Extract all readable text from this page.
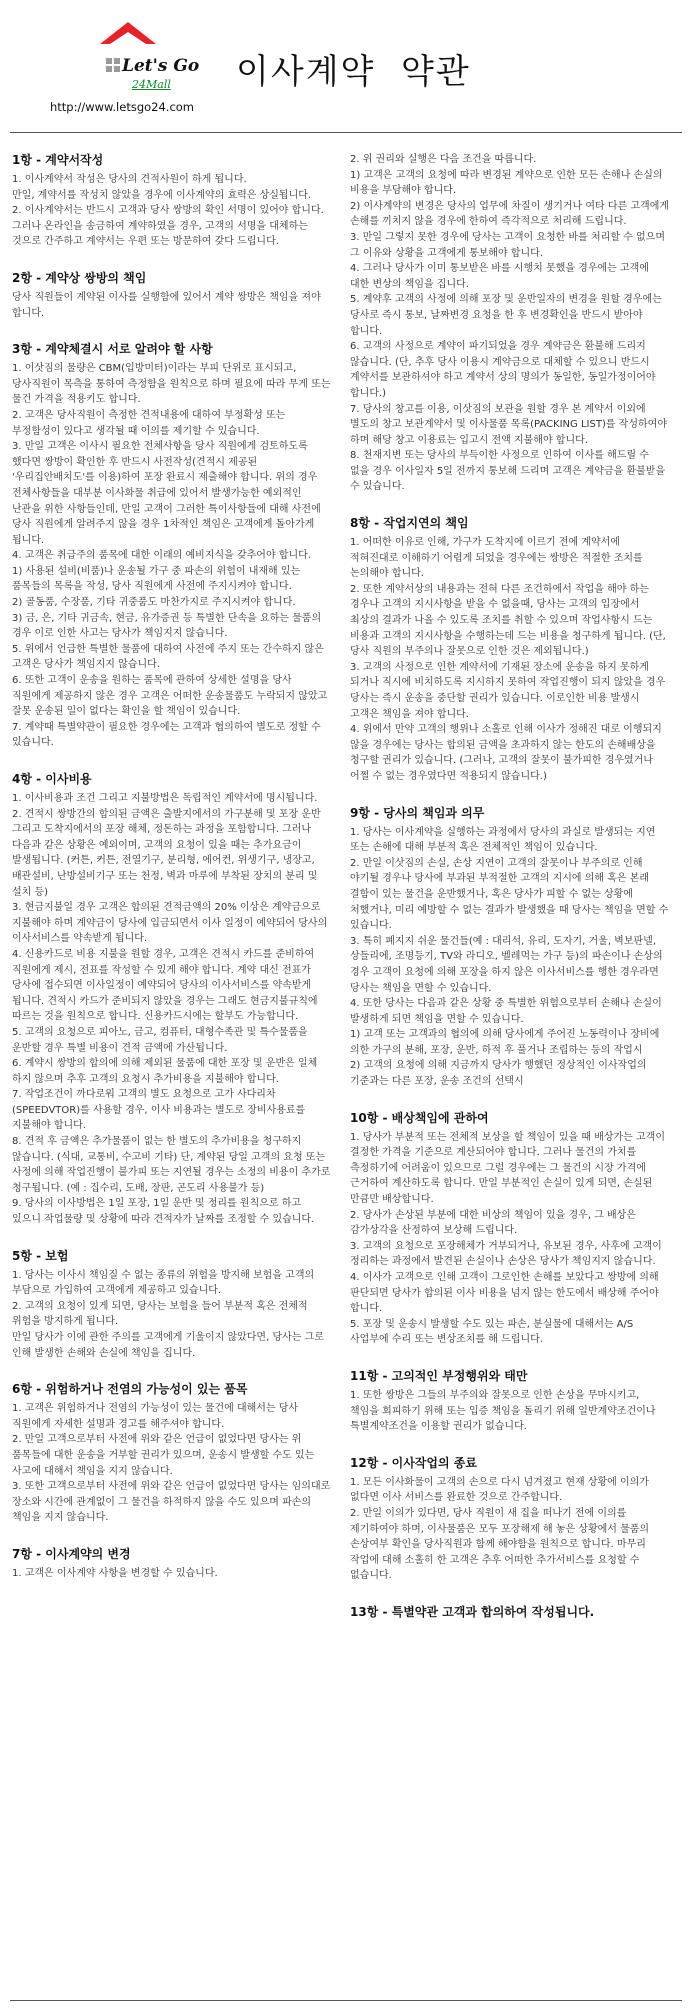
Let's Go
24Mall
http://www.letsgo24.com
이사계약  약관
1항 - 계약서작성

1. 이사계약서 작성은 당사의 견적사원이 하게 됩니다.

만일, 계약서를 작성치 않았을 경우에 이사계약의 효력은 상실됩니다.

2. 이사계약서는 반드시 고객과 당사 쌍방의 확인 서명이 있어야 합니다.

그러나 온라인을 송금하여 계약하였을 경우, 고객의 서명을 대체하는 것으로 간주하고 계약서는 우편 또는 방문하여 갖다 드립니다.

2항 - 계약상 쌍방의 책임

당사 직원들이 계약된 이사를 실행함에 있어서 계약 쌍방은 책임을 져야 합니다.

3항 - 계약체결시 서로 알려야 할 사항

1. 이삿짐의 물량은 CBM(입방미터)이라는 부피 단위로 표시되고, 당사직원이 목측을 통하여 측정함을 원칙으로 하며 필요에 따라 무게 또는 물건 가격을 적용키도 합니다.

2. 고객은 당사직원이 측정한 견적내용에 대하여 부정확성 또는 부정함성이 있다고 생각될 때 이의를 제기할 수 있습니다.

3. 만일 고객은 이사시 필요한 전체사항을 당사 직원에게 검토하도록 했다면 쌍방이 확인한 후 반드시 사전작성(견적시 제공된 '우리집안배치도'를 이용)하여 포장 완료시 제출해야 합니다. 위의 경우 전체사항들을 대부분 이사화물 취급에 있어서 발생가능한 예외적인 난관을 위한 사항들인데, 만일 고객이 그러한 특이사항들에 대해 사전에 당사 직원에게 알려주지 않을 경우 1차적인 책임은 고객에게 돌아가게 됩니다.

4. 고객은 취급주의 품목에 대한 이래의 예비지식을 갖추어야 합니다.

1) 사용된 설비(비품)나 운송될 가구 중 파손의 위험이 내재해 있는 품목들의 목록을 작성, 당사 직원에게 사전에 주지시켜야 합니다.

2) 골동품, 수장품, 기타 귀중품도 마찬가지로 주지시켜야 합니다.

3) 금, 은, 기타 귀금속, 현금, 유가증권 등 특별한 단속을 요하는 물품의 경우 이로 인한 사고는 당사가 책임지지 않습니다.

5. 위에서 언급한 특별한 물품에 대하여 사전에 주지 또는 간수하지 않은 고객은 당사가 책임지지 않습니다.

6. 또한 고객이 운송을 원하는 품목에 관하여 상세한 설명을 당사 직원에게 제공하지 않은 경우 고객은 어떠한 운송물품도 누락되지 않았고 잘못 운송된 일이 없다는 확인을 할 책임이 있습니다.

7. 계약때 특별약관이 필요한 경우에는 고객과 협의하여 별도로 정할 수 있습니다.

4항 - 이사비용

1. 이사비용과 조건 그리고 지불방법은 독립적인 계약서에 명시됩니다.

2. 견적시 쌍방간의 합의된 금액은 출발지에서의 가구분해 및 포장 운반 그리고 도착지에서의 포장 해체, 정돈하는 과정을 포함합니다. 그러나 다음과 같은 상황은 예외이며, 고객의 요청이 있을 때는 추가요금이 발생됩니다. (커튼, 커튼, 전열기구, 분리형, 에어컨, 위생기구, 냉장고, 배관설비, 난방설비기구 또는 천정, 벽과 마루에 부착된 장치의 분리 및 설치 등)

3. 현금지불일 경우 고객은 합의된 견적금액의 20% 이상은 계약금으로 지불해야 하며 계약금이 당사에 입금되면서 이사 일정이 예약되어 당사의 이사서비스를 약속받게 됩니다.

4. 신용카드로 비용 지불을 원할 경우, 고객은 견적시 카드를 준비하여 직원에게 제시, 전표를 작성할 수 있게 해야 합니다. 계약 대신 전표가 당사에 접수되면 이사일정이 예약되어 당사의 이사서비스를 약속받게 됩니다. 견적시 카드가 준비되지 않았을 경우는 그래도 현금지불규칙에 따르는 것을 원칙으로 합니다. 신용카드시에는 할부도 가능합니다.

5. 고객의 요청으로 피아노, 금고, 컴퓨터, 대형수족관 및 특수물품을 운반할 경우 특별 비용이 견적 금액에 가산됩니다.

6. 계약시 쌍방의 합의에 의해 제외된 물품에 대한 포장 및 운반은 일체 하지 않으며 추후 고객의 요청시 추가비용을 지불해야 합니다.

7. 작업조건이 까다로워 고객의 별도 요청으로 고가 사다리차(SPEEDVTOR)를 사용할 경우, 이사 비용과는 별도로 장비사용료를 지불해야 합니다.

8. 견적 후 금액은 추가물품이 없는 한 별도의 추가비용을 청구하지 않습니다. (식대, 교통비, 수고비 기타) 단, 계약된 당일 고객의 요청 또는 사정에 의해 작업진행이 불가피 또는 지연될 경우는 소정의 비용이 추가로 청구됩니다. (예 : 집수리, 도배, 장판, 곤도리 사용불가 등)

9. 당사의 이사방법은 1일 포장, 1일 운반 및 정리를 원칙으로 하고 있으니 작업물량 및 상황에 따라 견적자가 날짜를 조정할 수 있습니다.

5항 - 보험

1. 당사는 이사시 책임질 수 없는 종류의 위험을 방지해 보험을 고객의 부담으로 가입하여 고객에게 제공하고 있습니다.

2. 고객의 요청이 있게 되면, 당사는 보험을 들어 부분적 혹은 전체적 위험을 방지하게 됩니다.

만일 당사가 이에 관한 주의를 고객에게 기울이지 않았다면, 당사는 그로 인해 발생한 손해와 손실에 책임을 집니다.

6항 - 위험하거나 전염의 가능성이 있는 품목

1. 고객은 위험하거나 전염의 가능성이 있는 물건에 대해서는 당사 직원에게 자세한 설명과 경고를 해주셔야 합니다.

2. 만일 고객으로부터 사전에 위와 같은 언급이 없었다면 당사는 위 품목들에 대한 운송을 거부할 권리가 있으며, 운송시 발생할 수도 있는 사고에 대해서 책임을 지지 않습니다.

3. 또한 고객으로부터 사전에 위와 같은 언급이 없었다면 당사는 임의대로 장소와 시간에 관계없이 그 물건을 하적하지 않을 수도 있으며 파손의 책임을 지지 않습니다.

7항 - 이사계약의 변경

1. 고객은 이사계약 사항을 변경할 수 있습니다.

2. 위 권리와 실행은 다음 조건을 따릅니다.

1) 고객은 고객의 요청에 따라 변경된 계약으로 인한 모든 손해나 손실의 비용을 부담해야 합니다.

2) 이사계약의 변경은 당사의 업무에 차질이 생기거나 여타 다른 고객에게 손해를 끼치지 않을 경우에 한하여 즉각적으로 처리해 드립니다.

3. 만일 그렇지 못한 경우에 당사는 고객이 요청한 바를 처리할 수 없으며 그 이유와 상황을 고객에게 통보해야 합니다.

4. 그러나 당사가 이미 통보받은 바를 시행치 못했을 경우에는 고객에 대한 변상의 책임을 집니다.

5. 계약후 고객의 사정에 의해 포장 및 운반일자의 변경을 원할 경우에는 당사로 즉시 통보, 날짜변경 요청을 한 후 변경확인을 반드시 받아야 합니다.

6. 고객의 사정으로 계약이 파기되었을 경우 계약금은 환불해 드리지 않습니다. (단, 추후 당사 이용시 계약금으로 대체할 수 있으니 반드시 계약서를 보관하셔야 하고 계약서 상의 명의가 동일한, 동일가정이어야 합니다.)

7. 당사의 창고를 이용, 이삿짐의 보관을 원할 경우 본 계약서 이외에 별도의 창고 보관계약서 및 이사물품 목록(PACKING LIST)를 작성하여야 하며 해당 창고 이용료는 입고시 전액 지불해야 합니다.

8. 천재지변 또는 당사의 부득이한 사정으로 인하여 이사를 해드릴 수 없을 경우 이사일자 5일 전까지 통보해 드리며 고객은 계약금을 환불받을 수 있습니다.

8항 - 작업지연의 책임

1. 어떠한 이유로 인해, 가구가 도착지에 이르기 전에 계약서에 적혀진대로 이해하기 어렵게 되었을 경우에는 쌍방은 적절한 조치를 논의해야 합니다.

2. 또한 계약서상의 내용과는 전혀 다른 조건하에서 작업을 해야 하는 경우나 고객의 지시사항을 받을 수 없을때, 당사는 고객의 입장에서 최상의 결과가 나올 수 있도록 조치를 취할 수 있으며 작업사항시 드는 비용과 고객의 지시사항을 수행하는데 드는 비용을 청구하게 됩니다. (단, 당사 직원의 부주의나 잘못으로 인한 것은 제외됩니다.)

3. 고객의 사정으로 인한 계약서에 기재된 장소에 운송을 하지 못하게 되거나 직시에 비치하도록 지시하지 못하여 작업진행이 되지 않았을 경우 당사는 즉시 운송을 중단할 권리가 있습니다. 이로인한 비용 발생시 고객은 책임을 져야 합니다.

4. 위에서 만약 고객의 행위나 소홀로 인해 이사가 정해진 대로 이행되지 않을 경우에는 당사는 합의된 금액을 초과하지 않는 한도의 손해배상을 청구할 권리가 있습니다. (그러나, 고객의 잘못이 불가피한 경우였거나 어쩔 수 없는 경우였다면 적용되지 않습니다.)

9항 - 당사의 책임과 의무

1. 당사는 이사계약을 실행하는 과정에서 당사의 과실로 발생되는 지연 또는 손해에 대해 부분적 혹은 전체적인 책임이 있습니다.

2. 만일 이삿짐의 손실, 손상 지연이 고객의 잘못이나 부주의로 인해 야기될 경우나 당사에 부과된 부적절한 고객의 지시에 의해 혹은 본래 결함이 있는 물건을 운반했거나, 혹은 당사가 피할 수 없는 상황에 처했거나, 미리 예방할 수 없는 결과가 발생했을 때 당사는 책임을 면할 수 있습니다.

3. 특히 폐지지 쉬운 물건들(예 : 대리석, 유리, 도자기, 거울, 벽보판넬, 상들리에, 조명등기, TV와 라디오, 벨레먹는 가구 등)의 파손이나 손상의 경우 고객이 요청에 의해 포장을 하지 않은 이사서비스를 행한 경우라면 당사는 책임을 면할 수 있습니다.

4. 또한 당사는 다음과 같은 상황 중 특별한 위험으로부터 손해나 손실이 발생하게 되면 책임을 면할 수 있습니다.

1) 고객 또는 고객과의 협의에 의해 당사에게 주어진 노동력이나 장비에 의한 가구의 분해, 포장, 운반, 하적 후 풀거나 조립하는 등의 작업시

2) 고객의 요청에 의해 지금까지 당사가 행했던 정상적인 이사작업의 기준과는 다른 포장, 운송 조건의 선택시

10항 - 배상책임에 관하여

1. 당사가 부분적 또는 전체적 보상을 할 책임이 있을 때 배상가는 고객이 결정한 가격을 기준으로 계산되어야 합니다. 그러나 물건의 가치를 측정하기에 어려움이 있으므로 그럴 경우에는 그 물건의 시장 가격에 근거하여 계산하도록 합니다. 만일 부분적인 손실이 있게 되면, 손실된 만큼만 배상합니다.

2. 당사가 손상된 부분에 대한 비상의 책임이 있을 경우, 그 배상은 감가상각을 산정하여 보상해 드립니다.

3. 고객의 요청으로 포장해체가 거부되거나, 유보된 경우, 사후에 고객이 정리하는 과정에서 발견된 손실이나 손상은 당사가 책임지지 않습니다.

4. 이사가 고객으로 인해 고객이 그로인한 손해를 보았다고 쌍방에 의해 판단되면 당사가 합의된 이사 비용을 넘지 않는 한도에서 배상해 주어야 합니다.

5. 포장 및 운송시 발생할 수도 있는 파손, 분실물에 대해서는 A/S 사업부에 수리 또는 변상조치를 해 드립니다.

11항 - 고의적인 부정행위와 태만

1. 또한 쌍방은 그들의 부주의와 잘못으로 인한 손상을 무마시키고, 책임을 회피하기 위해 또는 입증 책임을 돌리기 위해 일반계약조건이나 특별계약조건을 이용할 권리가 없습니다.

12항 - 이사작업의 종료

1. 모든 이사화물이 고객의 손으로 다시 넘겨졌고 현재 상황에 이의가 없다면 이사 서비스를 완료한 것으로 간주합니다.

2. 만일 이의가 있다면, 당사 직원이 새 집을 떠나기 전에 이의를 제기하여야 하며, 이사물품은 모두 포장해제 해 놓은 상황에서 물품의 손상여부 확인을 당사직원과 함께 해야함을 원칙으로 합니다. 마무리 작업에 대해 소홀히 한 고객은 추후 어떠한 추가서비스를 요청할 수 없습니다.

13항 - 특별약관 고객과 합의하여 작성됩니다.
